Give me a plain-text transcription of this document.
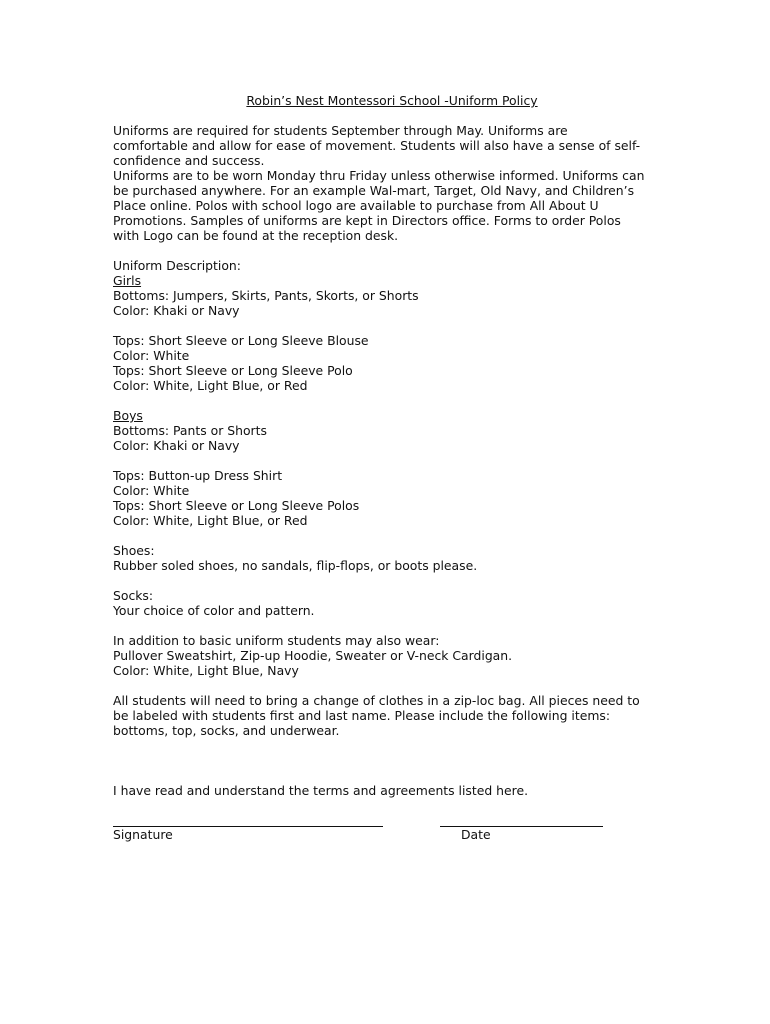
Robin’s Nest Montessori School -Uniform Policy

Uniforms are required for students September through May. Uniforms are
comfortable and allow for ease of movement. Students will also have a sense of self-
confidence and success.
Uniforms are to be worn Monday thru Friday unless otherwise informed. Uniforms can
be purchased anywhere. For an example Wal-mart, Target, Old Navy, and Children’s
Place online. Polos with school logo are available to purchase from All About U
Promotions. Samples of uniforms are kept in Directors office. Forms to order Polos
with Logo can be found at the reception desk.
Uniform Description:
Girls
Bottoms: Jumpers, Skirts, Pants, Skorts, or Shorts
Color: Khaki or Navy
Tops: Short Sleeve or Long Sleeve Blouse
Color: White
Tops: Short Sleeve or Long Sleeve Polo
Color: White, Light Blue, or Red
Boys
Bottoms: Pants or Shorts
Color: Khaki or Navy
Tops: Button-up Dress Shirt
Color: White
Tops: Short Sleeve or Long Sleeve Polos
Color: White, Light Blue, or Red
Shoes:
Rubber soled shoes, no sandals, flip-flops, or boots please.
Socks:
Your choice of color and pattern.
In addition to basic uniform students may also wear:
Pullover Sweatshirt, Zip-up Hoodie, Sweater or V-neck Cardigan.
Color: White, Light Blue, Navy
All students will need to bring a change of clothes in a zip-loc bag. All pieces need to
be labeled with students first and last name. Please include the following items:
bottoms, top, socks, and underwear.
I have read and understand the terms and agreements listed here.
Signature	Date
